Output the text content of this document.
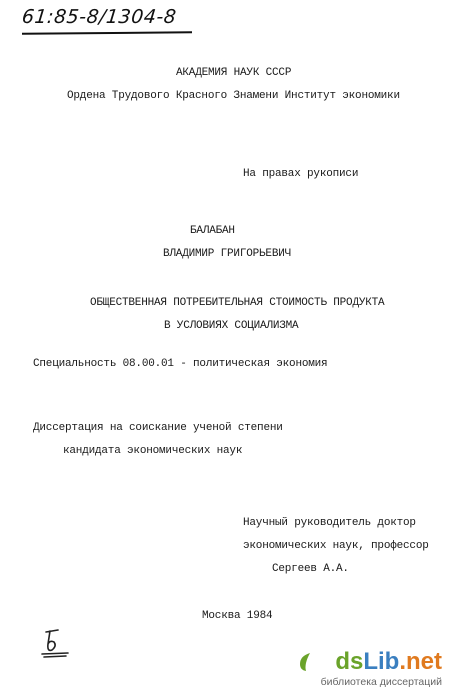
61:85-8/1304-8
АКАДЕМИЯ НАУК СССР
Ордена Трудового Красного Знамени Институт экономики
На правах рукописи
БАЛАБАН
ВЛАДИМИР ГРИГОРЬЕВИЧ
ОБЩЕСТВЕННАЯ ПОТРЕБИТЕЛЬНАЯ СТОИМОСТЬ ПРОДУКТА
В УСЛОВИЯХ СОЦИАЛИЗМА
Специальность 08.00.01 - политическая экономия
Диссертация на соискание ученой степени
кандидата экономических наук
Научный руководитель доктор
экономических наук, профессор
Сергеев А.А.
Москва 1984
dsLib.net
библиотека диссертаций
